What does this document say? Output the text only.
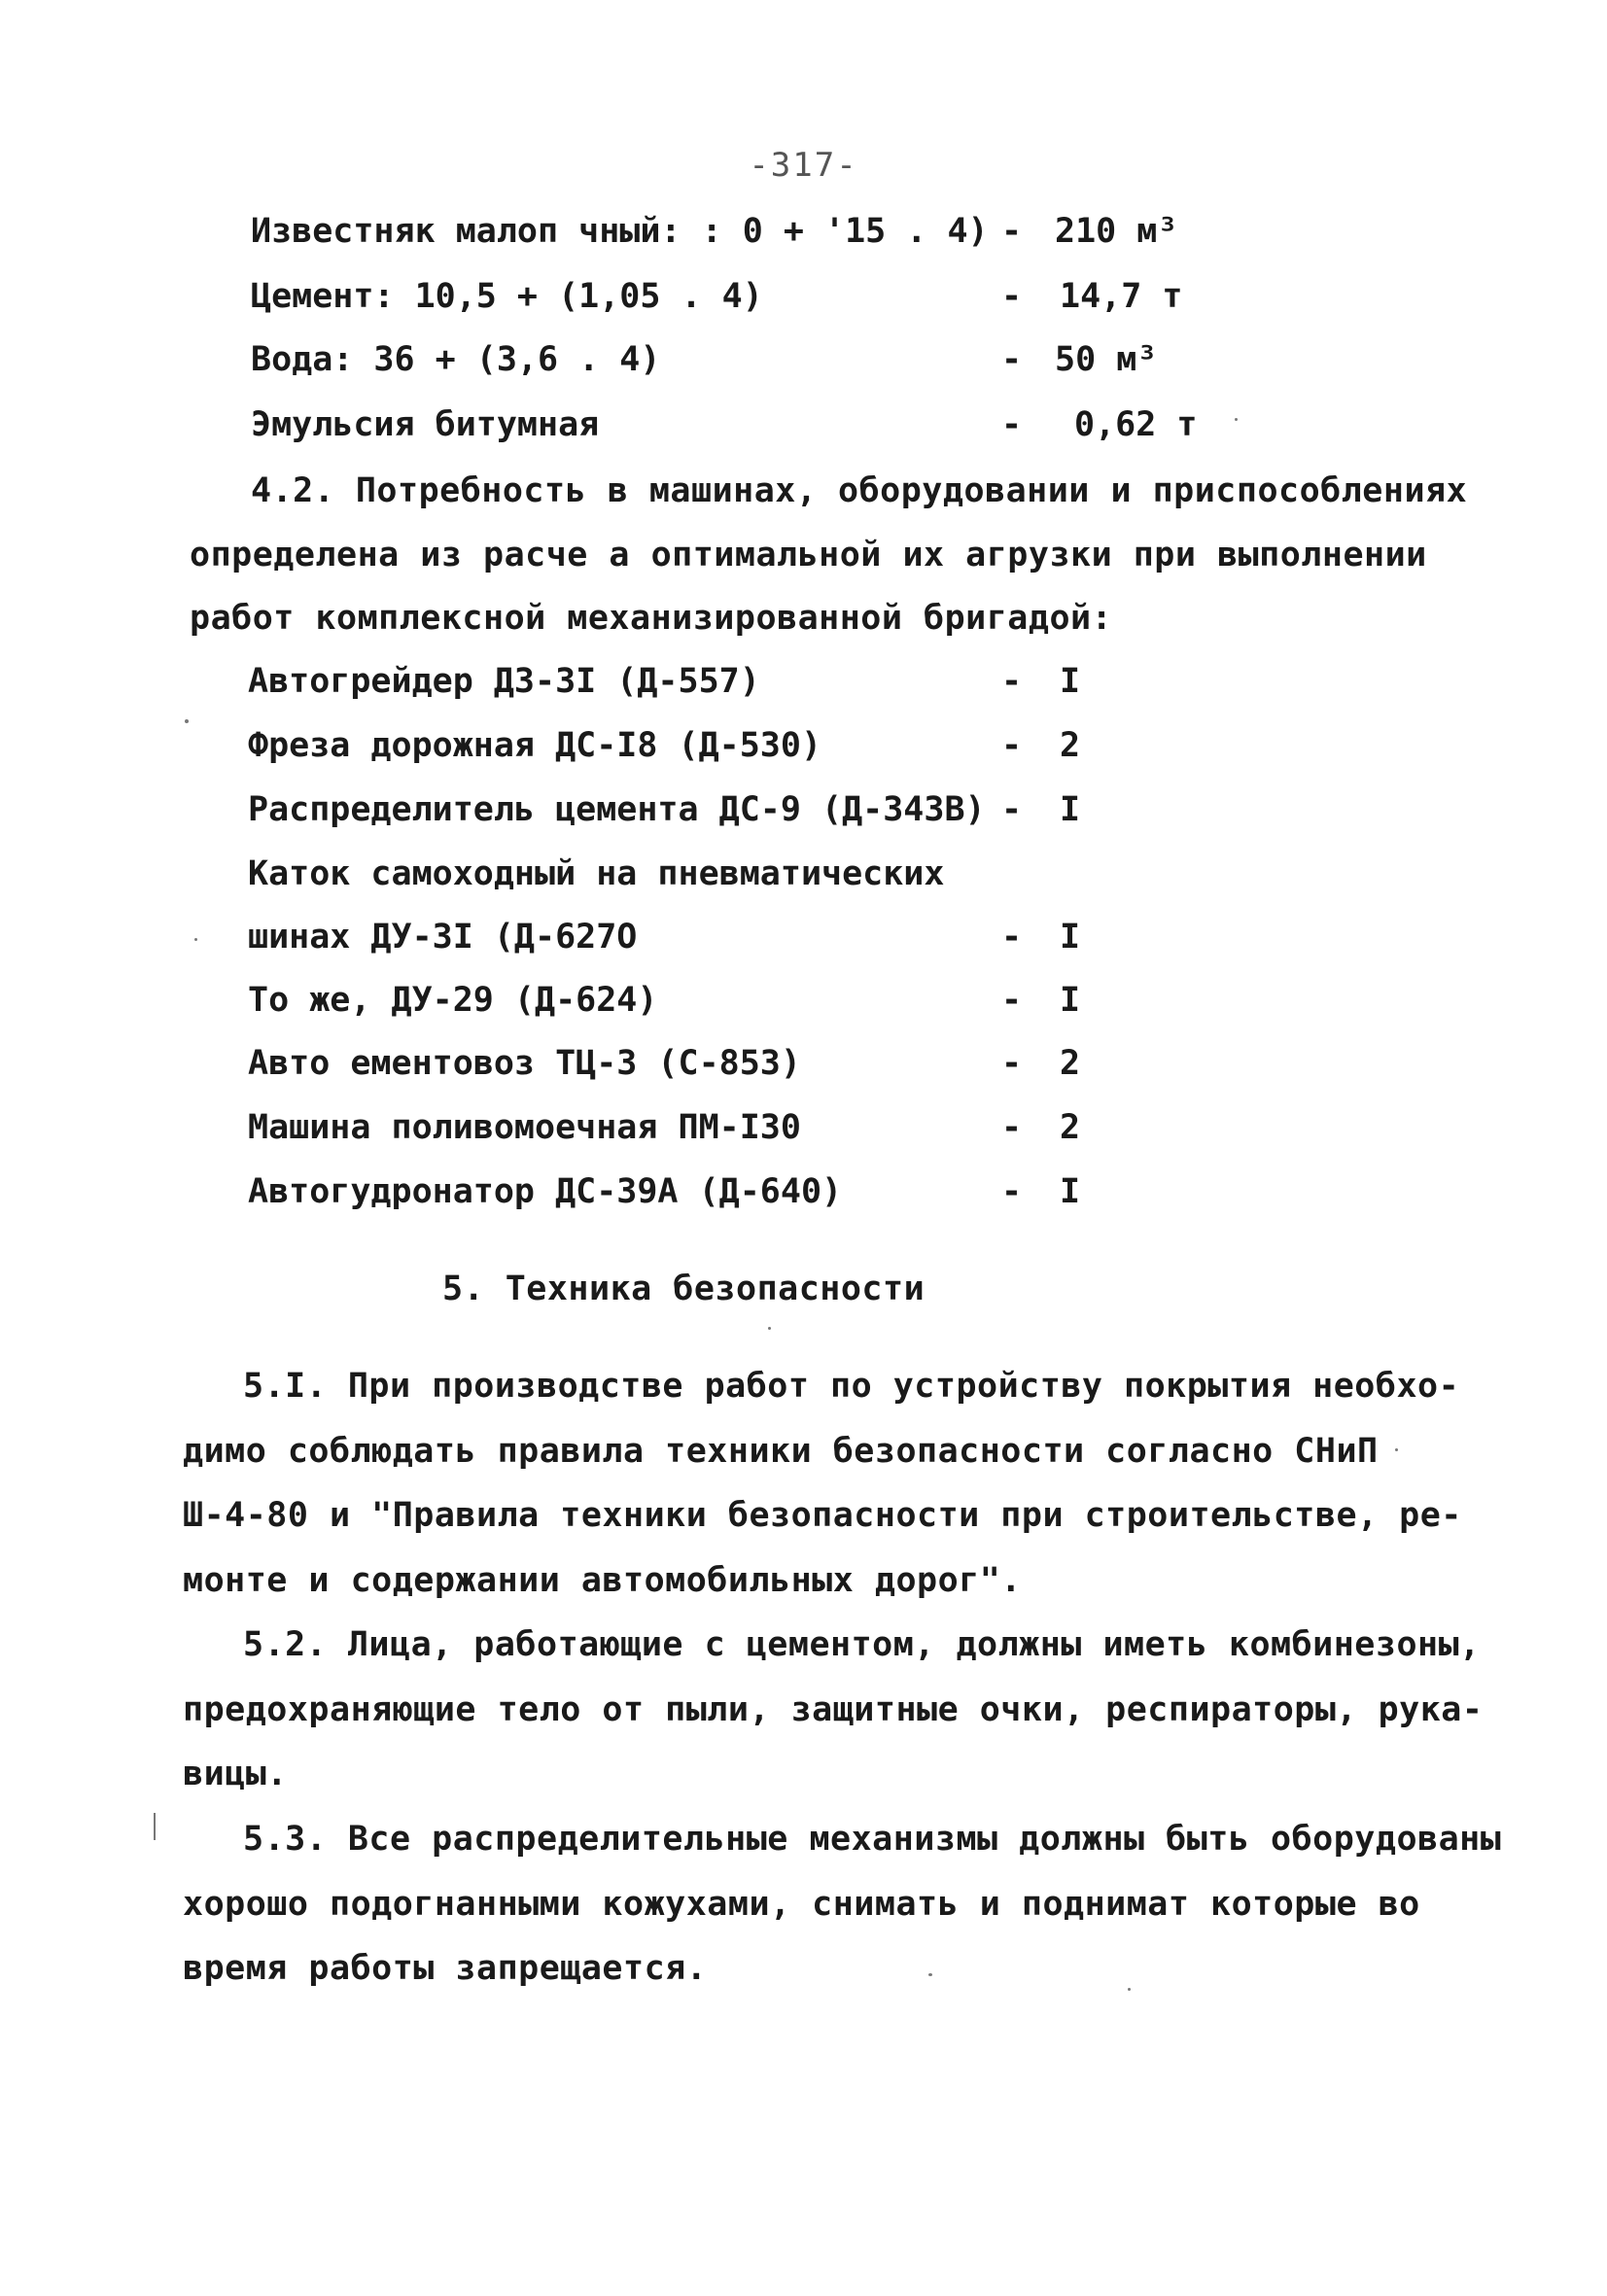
-317-
Известняк малоп чный: : 0 + '15 . 4) - 210 м³
Цемент: 10,5 + (1,05 . 4)	- 14,7 т
Вода: 36 + (3,6 . 4)	- 50 м³
Эмульсия битумная	- 0,62 т
4.2. Потребность в машинах, оборудовании и приспособлениях
определена из расче а оптимальной их агрузки при выполнении
работ комплексной механизированной бригадой:
Автогрейдер ДЗ-3I (Д-557)	- I
Фреза дорожная ДС-I8 (Д-530)	- 2
Распределитель цемента ДС-9 (Д-343В) - I
Каток самоходный на пневматических
шинах ДУ-3I (Д-627О	- I
То же, ДУ-29 (Д-624)	- I
Авто ементовоз ТЦ-3 (С-853)	- 2
Машина поливомоечная ПМ-I30	- 2
Автогудронатор ДС-39А (Д-640)	- I
5. Техника безопасности
5.I. При производстве работ по устройству покрытия необхо-
димо соблюдать правила техники безопасности согласно СНиП
Ш-4-80 и "Правила техники безопасности при строительстве, ре-
монте и содержании автомобильных дорог".
5.2. Лица, работающие с цементом, должны иметь комбинезоны,
предохраняющие тело от пыли, защитные очки, респираторы, рука-
вицы.
5.3. Все распределительные механизмы должны быть оборудованы
хорошо подогнанными кожухами, снимать и поднимат которые во
время работы запрещается.
